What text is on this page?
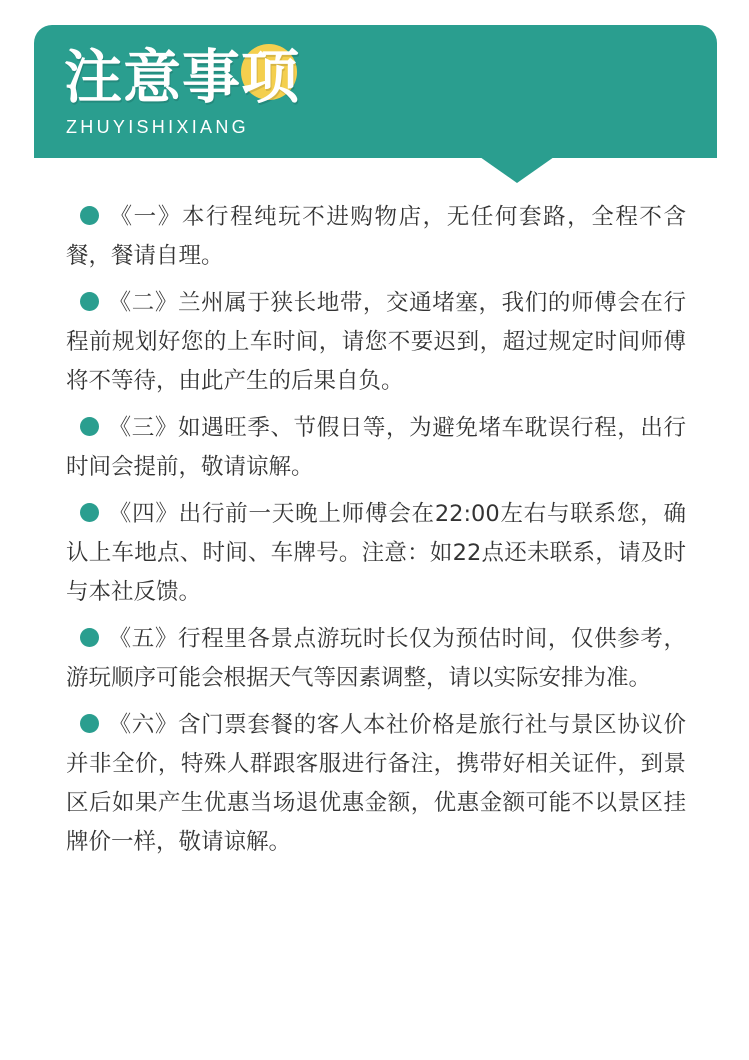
注意事项
ZHUYISHIXIANG
《一》本行程纯玩不进购物店，无任何套路，全程不含餐，餐请自理。
《二》兰州属于狭长地带，交通堵塞，我们的师傅会在行程前规划好您的上车时间，请您不要迟到，超过规定时间师傅将不等待，由此产生的后果自负。
《三》如遇旺季、节假日等，为避免堵车耽误行程，出行时间会提前，敬请谅解。
《四》出行前一天晚上师傅会在22:00左右与联系您，确认上车地点、时间、车牌号。注意：如22点还未联系，请及时与本社反馈。
《五》行程里各景点游玩时长仅为预估时间，仅供参考，游玩顺序可能会根据天气等因素调整，请以实际安排为准。
《六》含门票套餐的客人本社价格是旅行社与景区协议价并非全价，特殊人群跟客服进行备注，携带好相关证件，到景区后如果产生优惠当场退优惠金额，优惠金额可能不以景区挂牌价一样，敬请谅解。
